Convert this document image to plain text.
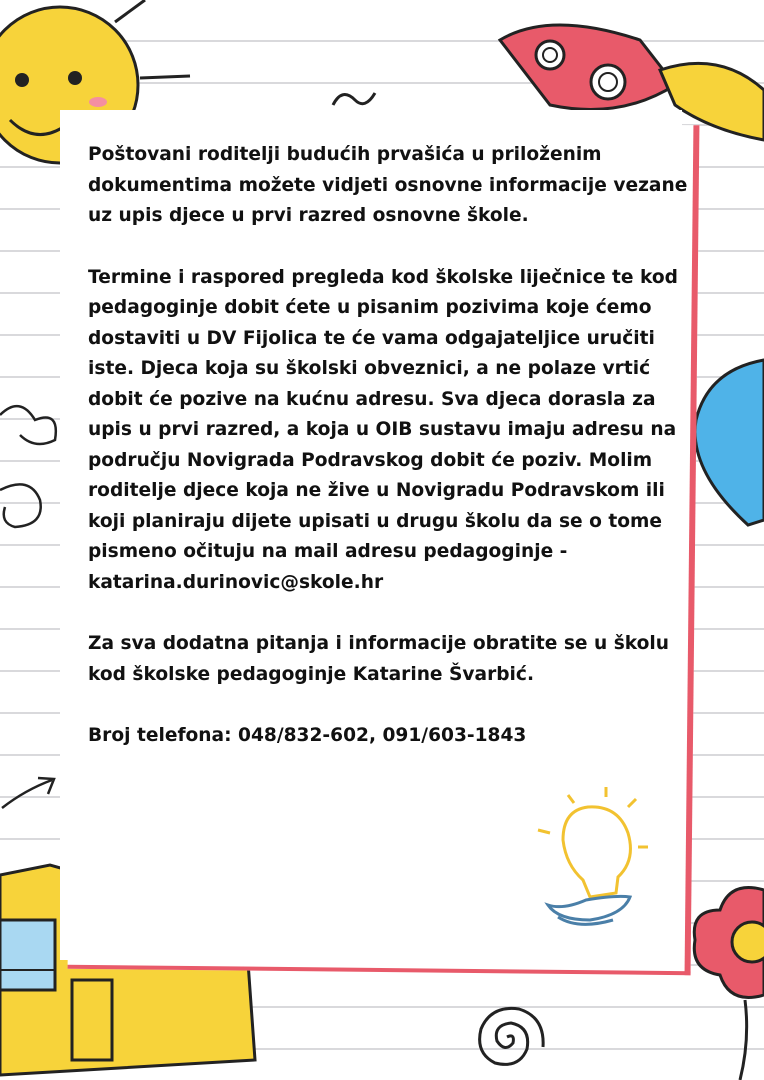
Poštovani roditelji budućih prvašića u priloženim dokumentima možete vidjeti osnovne informacije vezane uz upis djece u prvi razred osnovne škole.

Termine i raspored pregleda kod školske liječnice te kod pedagoginje dobit ćete u pisanim pozivima koje ćemo dostaviti u DV Fijolica te će vama odgajateljice uručiti iste. Djeca koja su školski obveznici, a ne polaze vrtić dobit će pozive na kućnu adresu. Sva djeca dorasla za upis u prvi razred, a koja u OIB sustavu imaju adresu na području Novigrada Podravskog dobit će poziv. Molim roditelje djece koja ne žive u Novigradu Podravskom ili koji planiraju dijete upisati u drugu školu da se o tome pismeno očituju na mail adresu pedagoginje - katarina.durinovic@skole.hr

Za sva dodatna pitanja i informacije obratite se u školu kod školske pedagoginje Katarine Švarbić.

Broj telefona: 048/832-602, 091/603-1843
